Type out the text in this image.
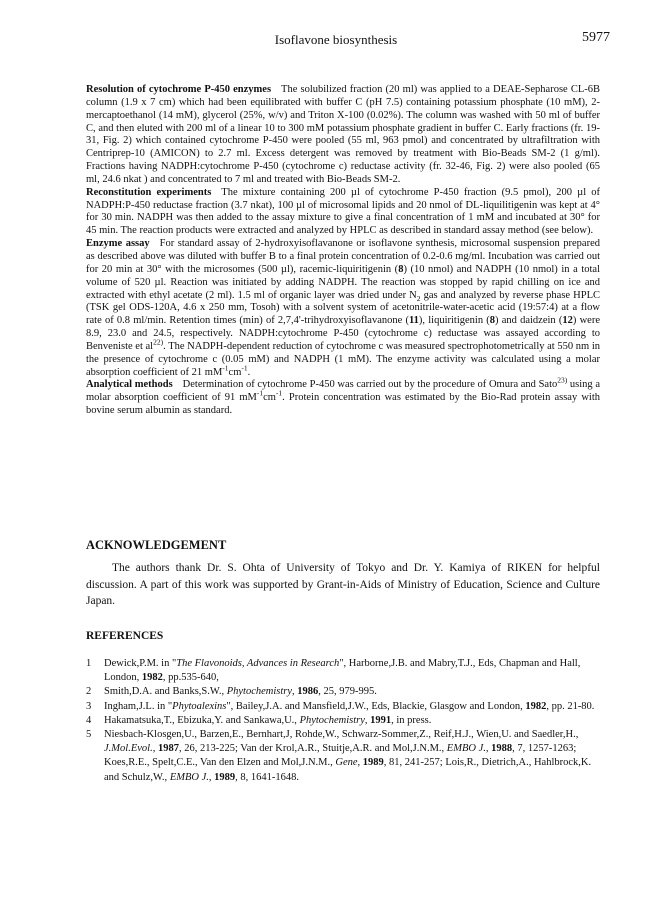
Isoflavone biosynthesis	5977

Resolution of cytochrome P-450 enzymes The solubilized fraction (20 ml) was applied to a DEAE-Sepharose CL-6B column (1.9 x 7 cm) which had been equilibrated with buffer C (pH 7.5) containing potassium phosphate (10 mM), 2-mercaptoethanol (14 mM), glycerol (25%, w/v) and Triton X-100 (0.02%). The column was washed with 50 ml of buffer C, and then eluted with 200 ml of a linear 10 to 300 mM potassium phosphate gradient in buffer C. Early fractions (fr. 19-31, Fig. 2) which contained cytochrome P-450 were pooled (55 ml, 963 pmol) and concentrated by ultrafiltration with Centriprep-10 (AMICON) to 2.7 ml. Excess detergent was removed by treatment with Bio-Beads SM-2 (1 g/ml). Fractions having NADPH:cytochrome P-450 (cytochrome c) reductase activity (fr. 32-46, Fig. 2) were also pooled (65 ml, 24.6 nkat ) and concentrated to 7 ml and treated with Bio-Beads SM-2.

Reconstitution experiments The mixture containing 200 µl of cytochrome P-450 fraction (9.5 pmol), 200 µl of NADPH:P-450 reductase fraction (3.7 nkat), 100 µl of microsomal lipids and 20 nmol of DL-liquilitigenin was kept at 4° for 30 min. NADPH was then added to the assay mixture to give a final concentration of 1 mM and incubated at 30° for 45 min. The reaction products were extracted and analyzed by HPLC as described in standard assay method (see below).

Enzyme assay For standard assay of 2-hydroxyisoflavanone or isoflavone synthesis, microsomal suspension prepared as described above was diluted with buffer B to a final protein concentration of 0.2-0.6 mg/ml. Incubation was carried out for 20 min at 30° with the microsomes (500 µl), racemic-liquiritigenin (8) (10 nmol) and NADPH (10 nmol) in a total volume of 520 µl. Reaction was initiated by adding NADPH. The reaction was stopped by rapid chilling on ice and extracted with ethyl acetate (2 ml). 1.5 ml of organic layer was dried under $N_2$ gas and analyzed by reverse phase HPLC (TSK gel ODS-120A, 4.6 x 250 mm, Tosoh) with a solvent system of acetonitrile-water-acetic acid (19:57:4) at a flow rate of 0.8 ml/min. Retention times (min) of 2,7,4'-trihydroxyisoflavanone (11), liquiritigenin (8) and daidzein (12) were 8.9, 23.0 and 24.5, respectively. NADPH:cytochrome P-450 (cytochrome c) reductase was assayed according to Benveniste et $al^{22)}$. The NADPH-dependent reduction of cytochrome c was measured spectrophotometrically at 550 nm in the presence of cytochrome c (0.05 mM) and NADPH (1 mM). The enzyme activity was calculated using a molar absorption coefficient of 21 $mM^{-1}cm^{-1}$.

Analytical methods Determination of cytochrome P-450 was carried out by the procedure of Omura and Sato$^{23)}$ using a molar absorption coefficient of 91 $mM^{-1}cm^{-1}$. Protein concentration was estimated by the Bio-Rad protein assay with bovine serum albumin as standard.

ACKNOWLEDGEMENT

The authors thank Dr. S. Ohta of University of Tokyo and Dr. Y. Kamiya of RIKEN for helpful discussion. A part of this work was supported by Grant-in-Aids of Ministry of Education, Science and Culture Japan.

REFERENCES
1	Dewick,P.M. in "The Flavonoids, Advances in Research", Harborne,J.B. and Mabry,T.J., Eds, Chapman and Hall, London, 1982, pp.535-640,
2	Smith,D.A. and Banks,S.W., Phytochemistry, 1986, 25, 979-995.
3	Ingham,J.L. in "Phytoalexins", Bailey,J.A. and Mansfield,J.W., Eds, Blackie, Glasgow and London, 1982, pp. 21-80.
4	Hakamatsuka,T., Ebizuka,Y. and Sankawa,U., Phytochemistry, 1991, in press.
5	Niesbach-Klosgen,U., Barzen,E., Bernhart,J, Rohde,W., Schwarz-Sommer,Z., Reif,H.J., Wien,U. and Saedler,H., J.Mol.Evol., 1987, 26, 213-225; Van der Krol,A.R., Stuitje,A.R. and Mol,J.N.M., EMBO J., 1988, 7, 1257-1263; Koes,R.E., Spelt,C.E., Van den Elzen and Mol,J.N.M., Gene, 1989, 81, 241-257; Lois,R., Dietrich,A., Hahlbrock,K. and Schulz,W., EMBO J., 1989, 8, 1641-1648.
